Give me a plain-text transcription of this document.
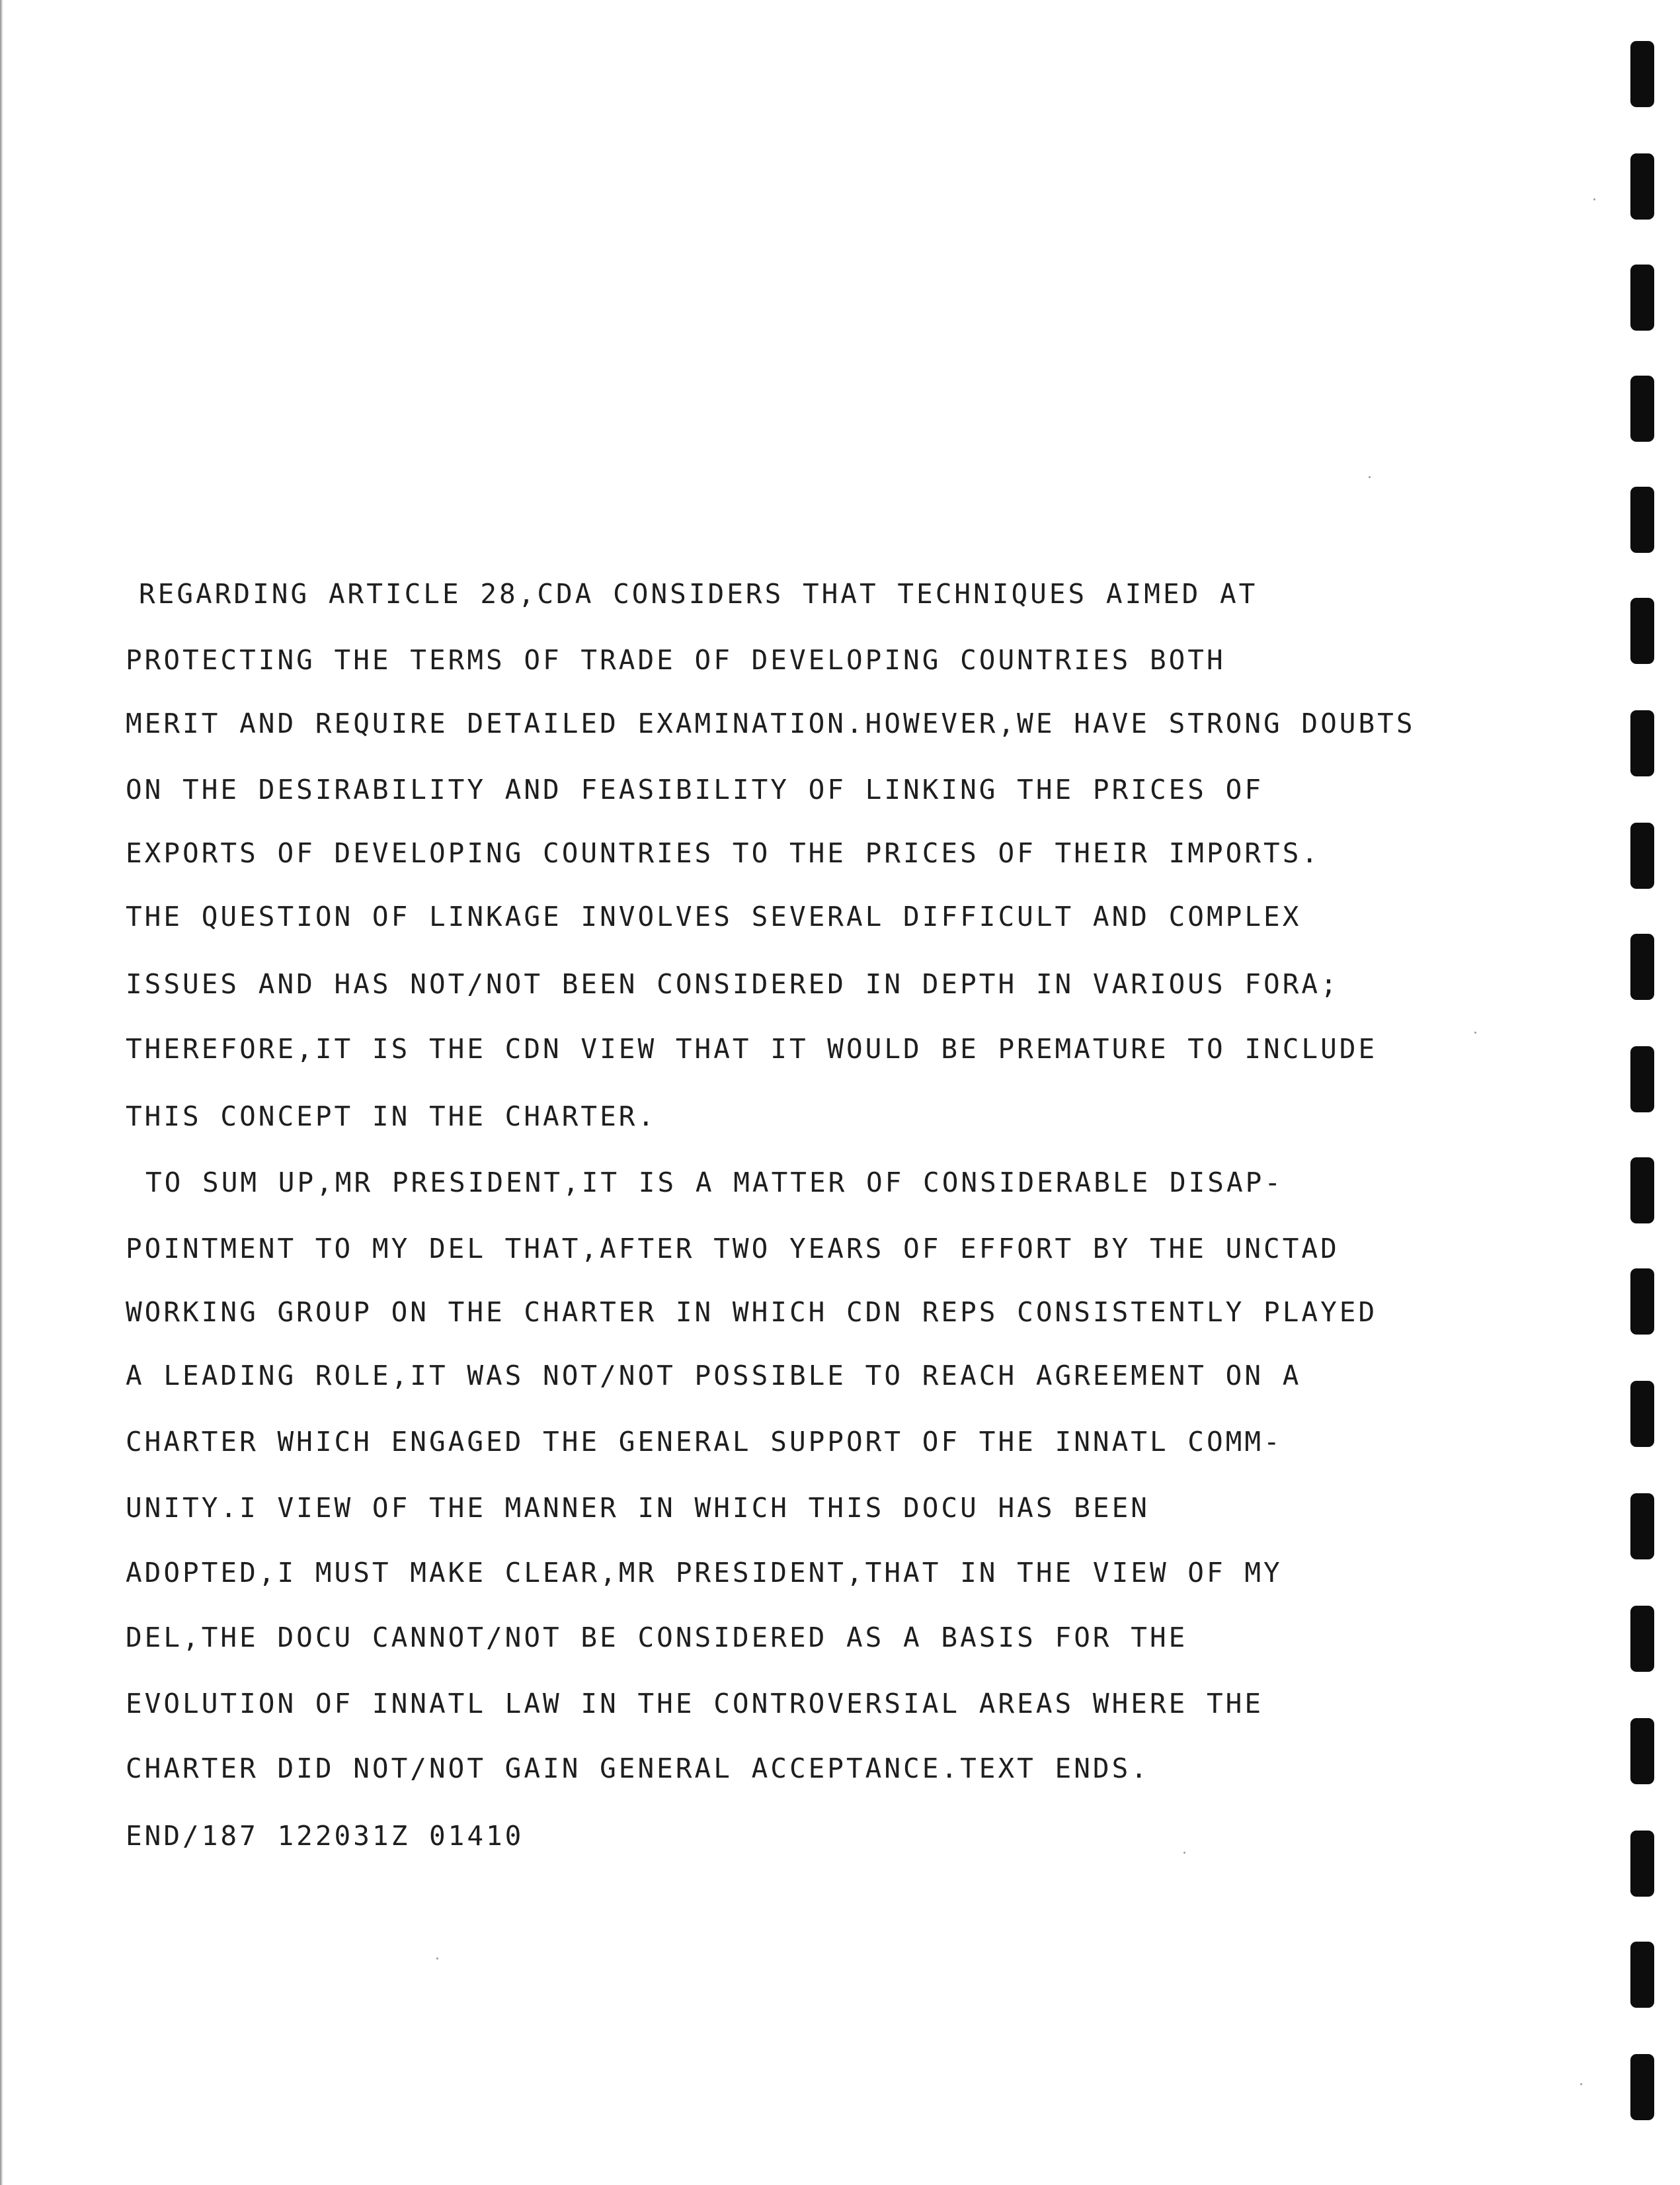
REGARDING ARTICLE 28,CDA CONSIDERS THAT TECHNIQUES AIMED AT
PROTECTING THE TERMS OF TRADE OF DEVELOPING COUNTRIES BOTH
MERIT AND REQUIRE DETAILED EXAMINATION.HOWEVER,WE HAVE STRONG DOUBTS
ON THE DESIRABILITY AND FEASIBILITY OF LINKING THE PRICES OF
EXPORTS OF DEVELOPING COUNTRIES TO THE PRICES OF THEIR IMPORTS.
THE QUESTION OF LINKAGE INVOLVES SEVERAL DIFFICULT AND COMPLEX
ISSUES AND HAS NOT/NOT BEEN CONSIDERED IN DEPTH IN VARIOUS FORA;
THEREFORE,IT IS THE CDN VIEW THAT IT WOULD BE PREMATURE TO INCLUDE
THIS CONCEPT IN THE CHARTER.
TO SUM UP,MR PRESIDENT,IT IS A MATTER OF CONSIDERABLE DISAP-
POINTMENT TO MY DEL THAT,AFTER TWO YEARS OF EFFORT BY THE UNCTAD
WORKING GROUP ON THE CHARTER IN WHICH CDN REPS CONSISTENTLY PLAYED
A LEADING ROLE,IT WAS NOT/NOT POSSIBLE TO REACH AGREEMENT ON A
CHARTER WHICH ENGAGED THE GENERAL SUPPORT OF THE INNATL COMM-
UNITY.I VIEW OF THE MANNER IN WHICH THIS DOCU HAS BEEN
ADOPTED,I MUST MAKE CLEAR,MR PRESIDENT,THAT IN THE VIEW OF MY
DEL,THE DOCU CANNOT/NOT BE CONSIDERED AS A BASIS FOR THE
EVOLUTION OF INNATL LAW IN THE CONTROVERSIAL AREAS WHERE THE
CHARTER DID NOT/NOT GAIN GENERAL ACCEPTANCE.TEXT ENDS.
END/187 122031Z 01410
